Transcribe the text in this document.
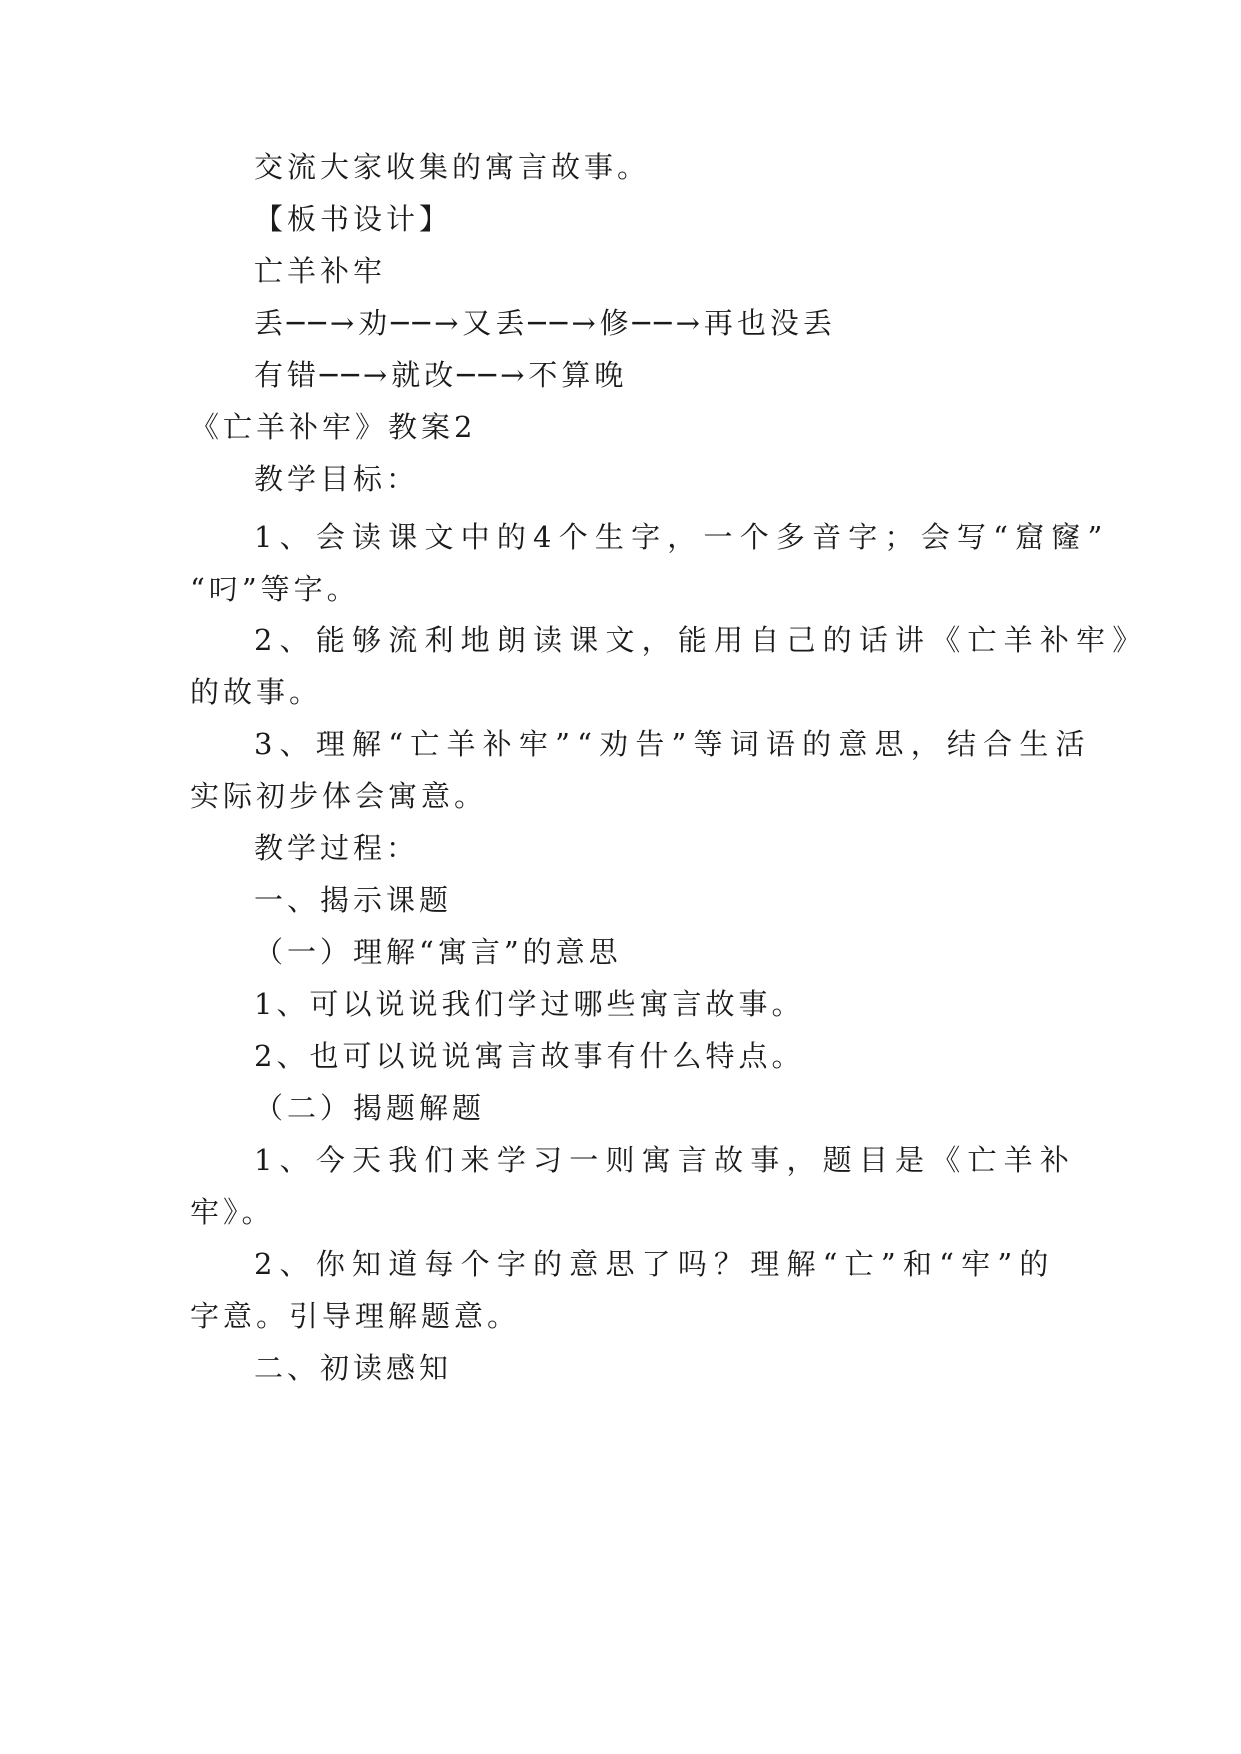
交流大家收集的寓言故事。
【板书设计】
亡羊补牢
丢──→劝──→又丢──→修──→再也没丢
有错──→就改──→不算晚
《亡羊补牢》教案2
教学目标：
1、会读课文中的4个生字，一个多音字；会写“窟窿”
“叼”等字。
2、能够流利地朗读课文，能用自己的话讲《亡羊补牢》
的故事。
3、理解“亡羊补牢”“劝告”等词语的意思，结合生活
实际初步体会寓意。
教学过程：
一、揭示课题
（一）理解“寓言”的意思
1、可以说说我们学过哪些寓言故事。
2、也可以说说寓言故事有什么特点。
（二）揭题解题
1、今天我们来学习一则寓言故事，题目是《亡羊补
牢》。
2、你知道每个字的意思了吗？理解“亡”和“牢”的
字意。引导理解题意。
二、初读感知
